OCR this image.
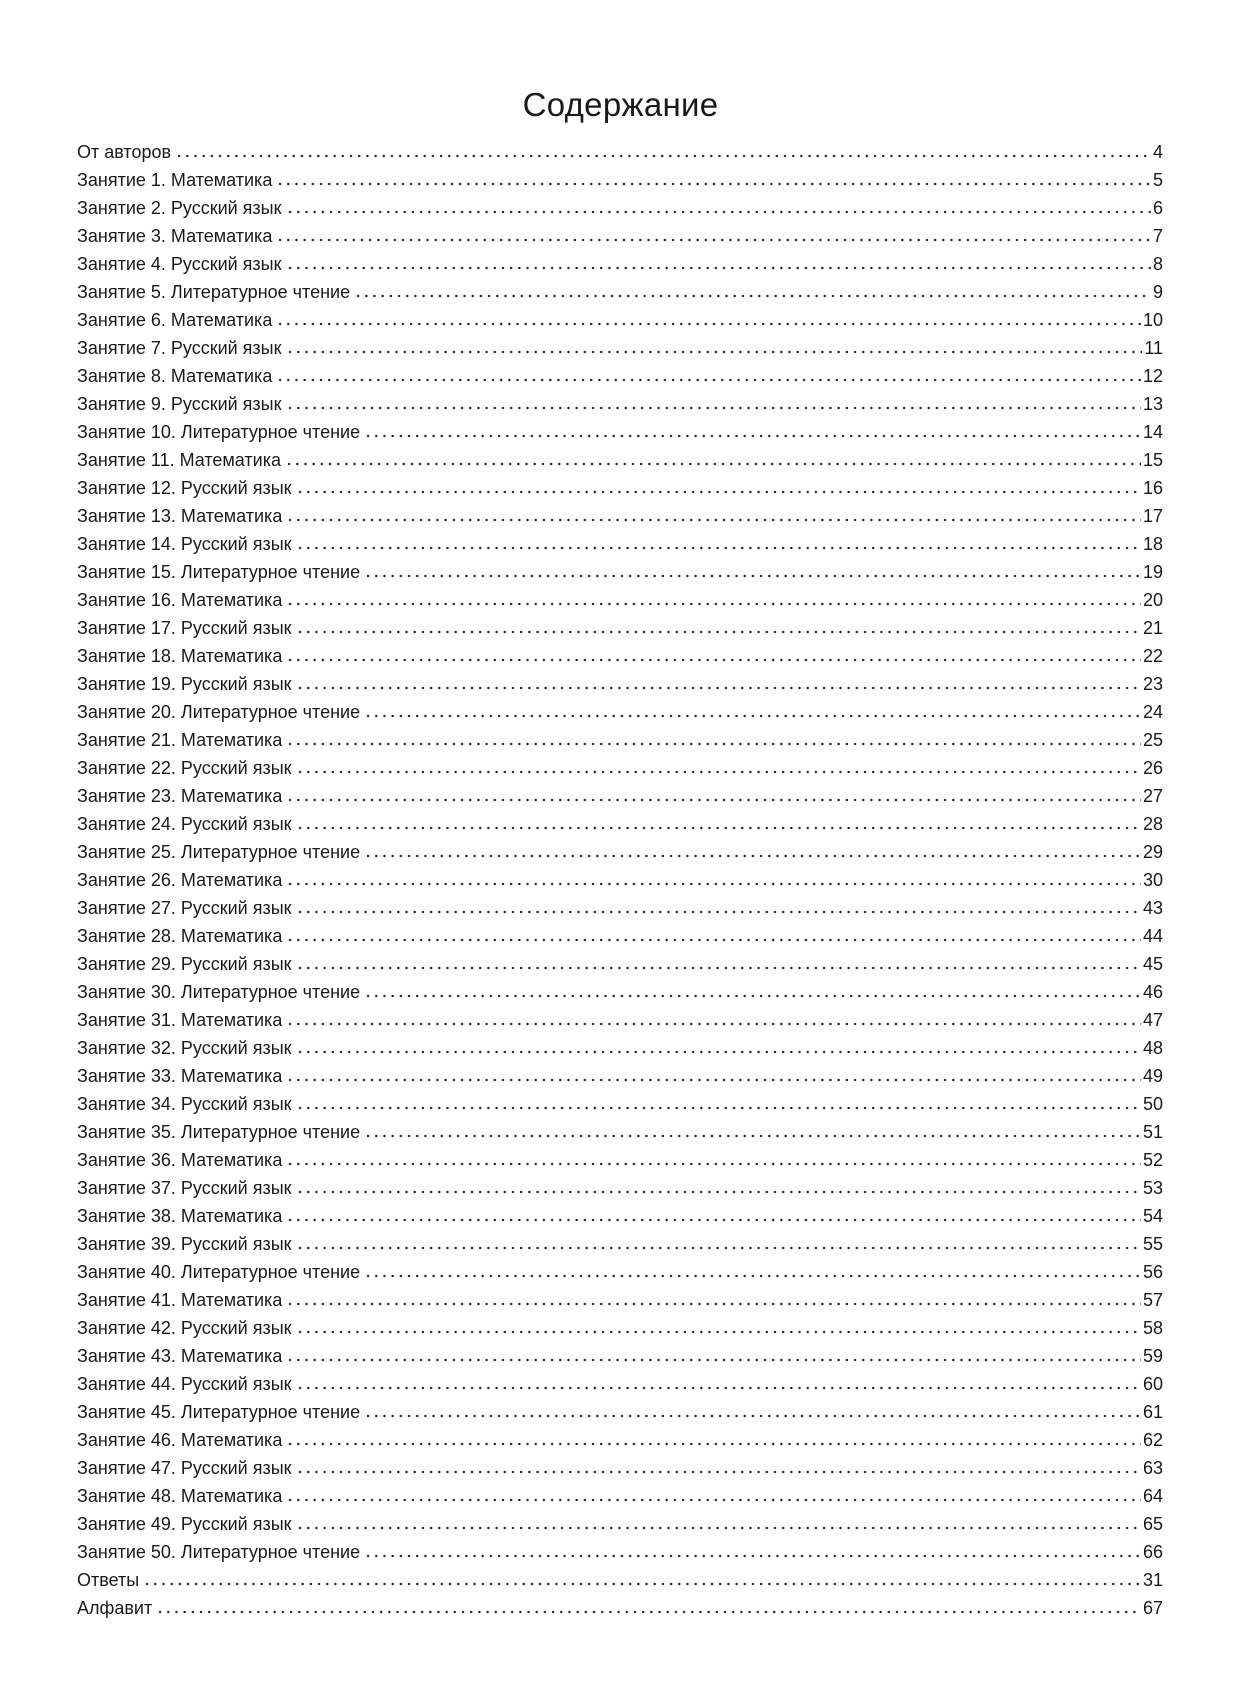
Содержание
От авторов	4
Занятие 1. Математика	5
Занятие 2. Русский язык	6
Занятие 3. Математика	7
Занятие 4. Русский язык	8
Занятие 5. Литературное чтение	9
Занятие 6. Математика	10
Занятие 7. Русский язык	11
Занятие 8. Математика	12
Занятие 9. Русский язык	13
Занятие 10. Литературное чтение	14
Занятие 11. Математика	15
Занятие 12. Русский язык	16
Занятие 13. Математика	17
Занятие 14. Русский язык	18
Занятие 15. Литературное чтение	19
Занятие 16. Математика	20
Занятие 17. Русский язык	21
Занятие 18. Математика	22
Занятие 19. Русский язык	23
Занятие 20. Литературное чтение	24
Занятие 21. Математика	25
Занятие 22. Русский язык	26
Занятие 23. Математика	27
Занятие 24. Русский язык	28
Занятие 25. Литературное чтение	29
Занятие 26. Математика	30
Занятие 27. Русский язык	43
Занятие 28. Математика	44
Занятие 29. Русский язык	45
Занятие 30. Литературное чтение	46
Занятие 31. Математика	47
Занятие 32. Русский язык	48
Занятие 33. Математика	49
Занятие 34. Русский язык	50
Занятие 35. Литературное чтение	51
Занятие 36. Математика	52
Занятие 37. Русский язык	53
Занятие 38. Математика	54
Занятие 39. Русский язык	55
Занятие 40. Литературное чтение	56
Занятие 41. Математика	57
Занятие 42. Русский язык	58
Занятие 43. Математика	59
Занятие 44. Русский язык	60
Занятие 45. Литературное чтение	61
Занятие 46. Математика	62
Занятие 47. Русский язык	63
Занятие 48. Математика	64
Занятие 49. Русский язык	65
Занятие 50. Литературное чтение	66
Ответы	31
Алфавит	67
